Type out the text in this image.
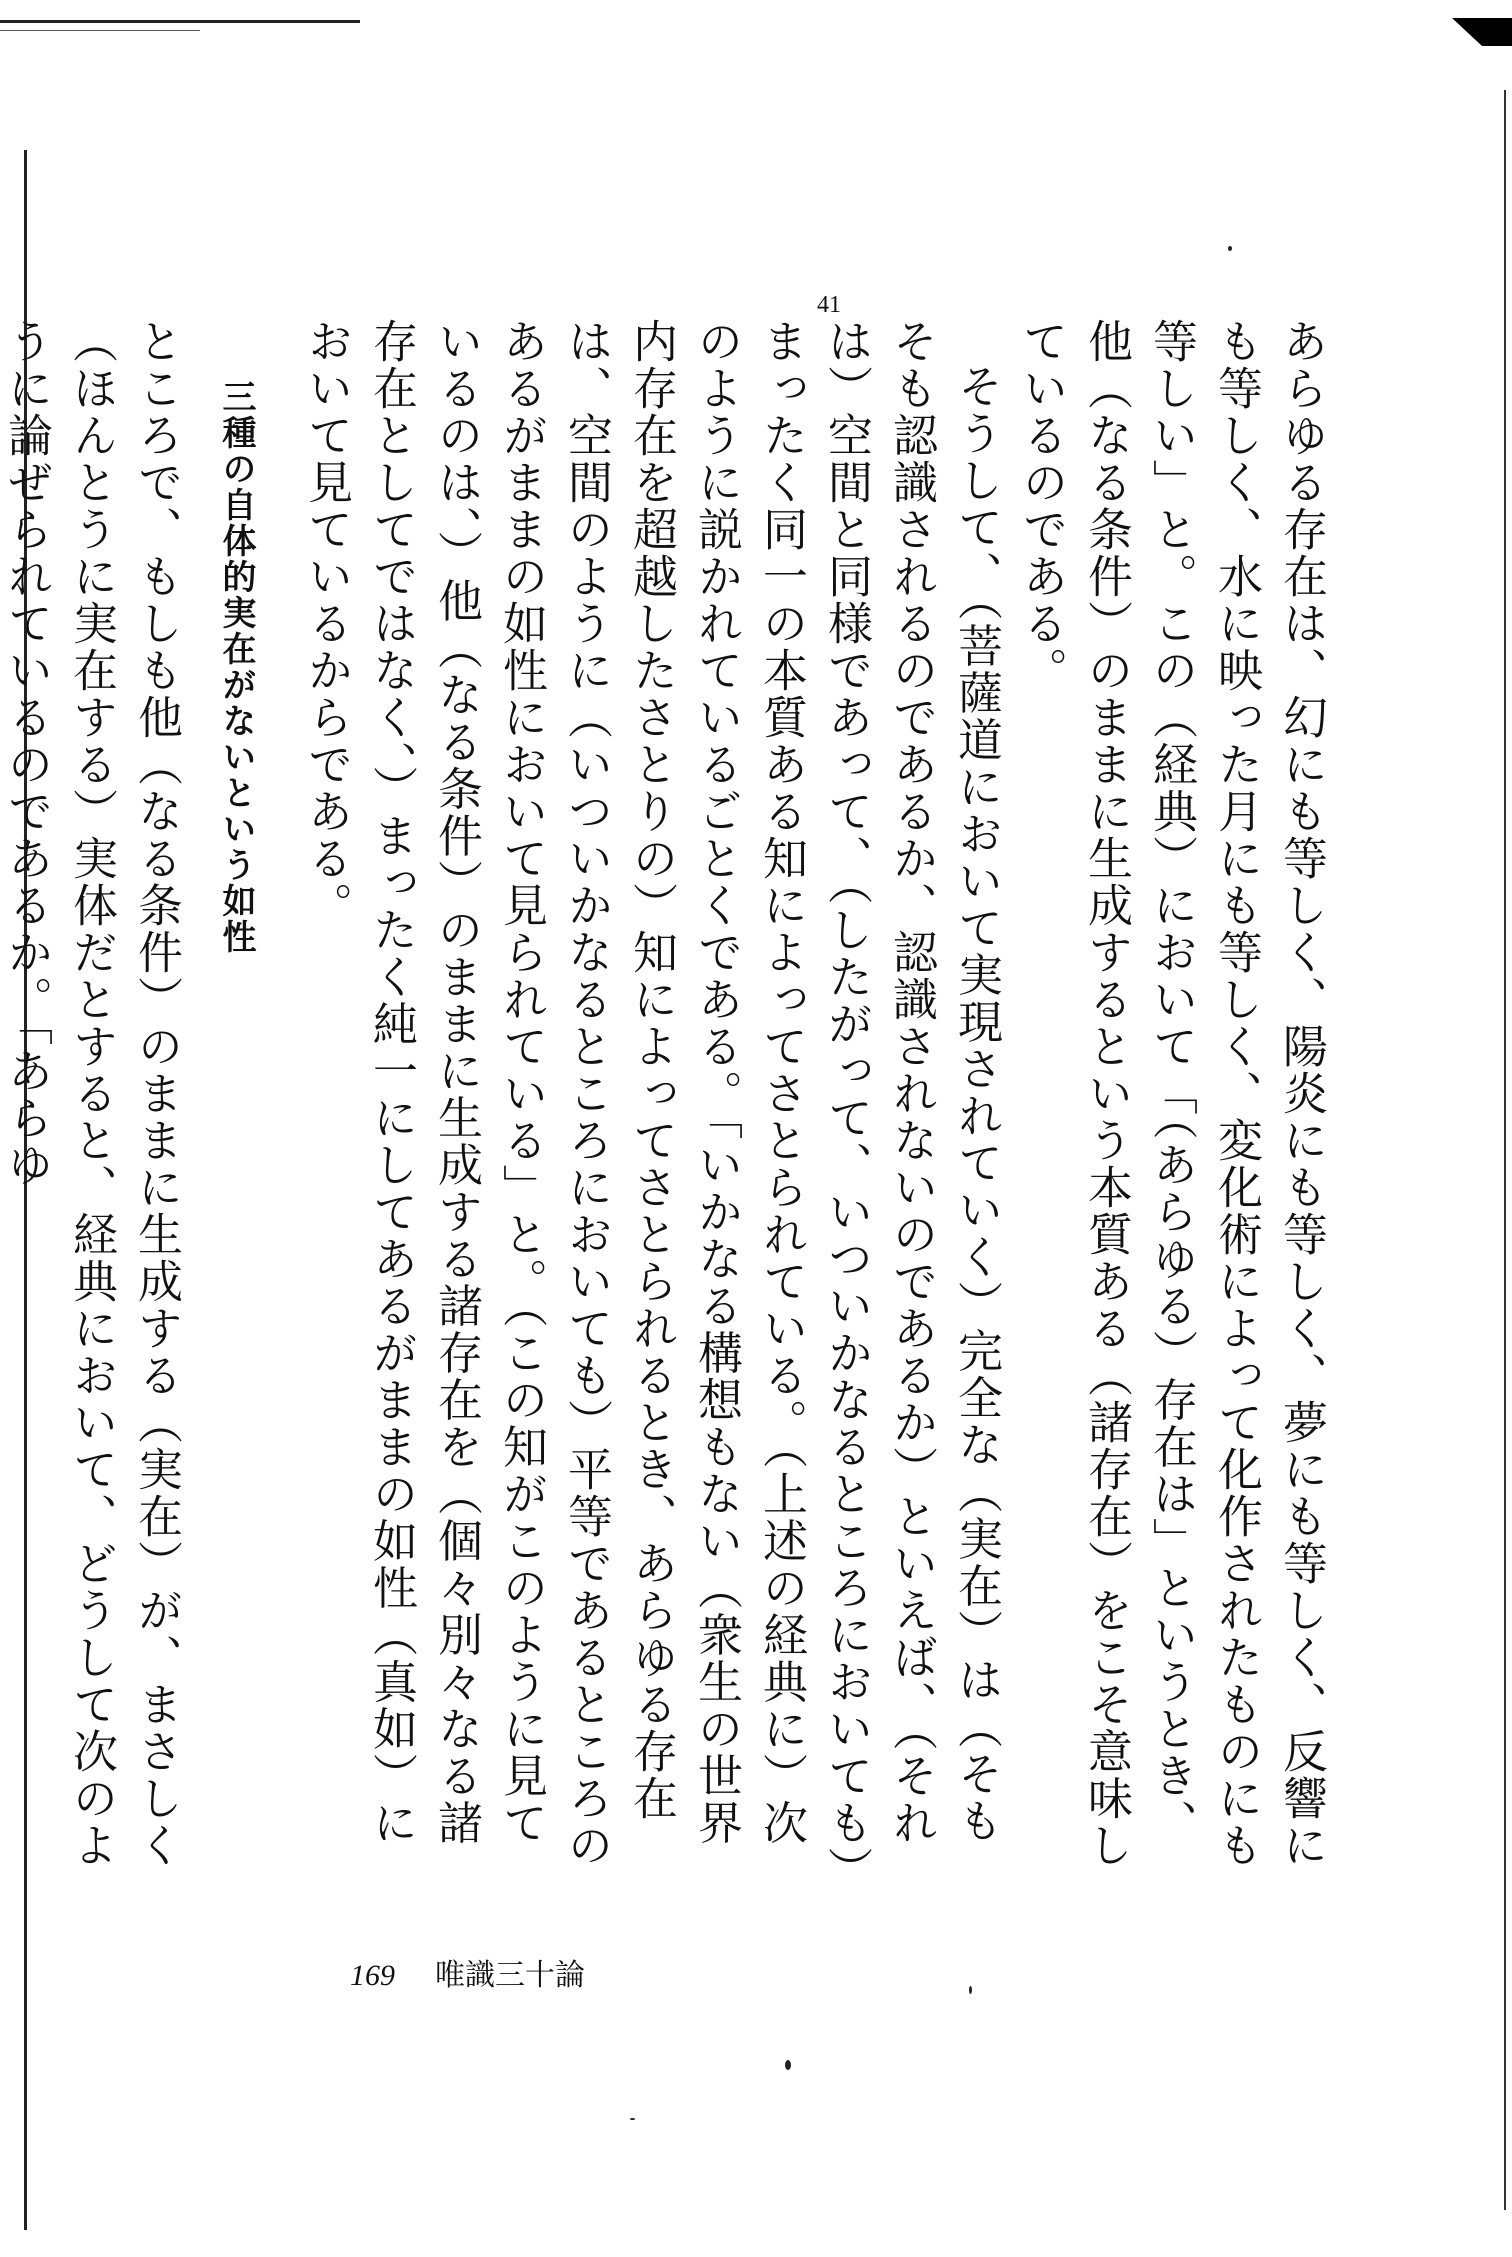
41

あらゆる存在は、幻にも等しく、陽炎にも等しく、夢にも等しく、反響にも等しく、水に映った月にも等しく、変化術によって化作されたものにも等しい」と。この（経典）において「（あらゆる）存在は」というとき、他（なる条件）のままに生成するという本質ある（諸存在）をこそ意味しているのである。

そうして、（菩薩道において実現されていく）完全な（実在）は（そもそも認識されるのであるか、認識されないのであるか）といえば、（それは）空間と同様であって、（したがって、いついかなるところにおいても）まったく同一の本質ある知によってさとられている。（上述の経典に）次のように説かれているごとくである。「いかなる構想もない（衆生の世界内存在を超越したさとりの）知によってさとられるとき、あらゆる存在は、空間のように（いついかなるところにおいても）平等であるところのあるがままの如性において見られている」と。（この知がこのように見ているのは、）他（なる条件）のままに生成する諸存在を（個々別々なる諸存在としてではなく、）まったく純一にしてあるがままの如性（真如）において見ているからである。

三種の自体的実在がないという如性

ところで、もしも他（なる条件）のままに生成する（実在）が、まさしく（ほんとうに実在する）実体だとすると、経典において、どうして次のように論ぜられているのであるか。「あらゆ

169 唯識三十論
